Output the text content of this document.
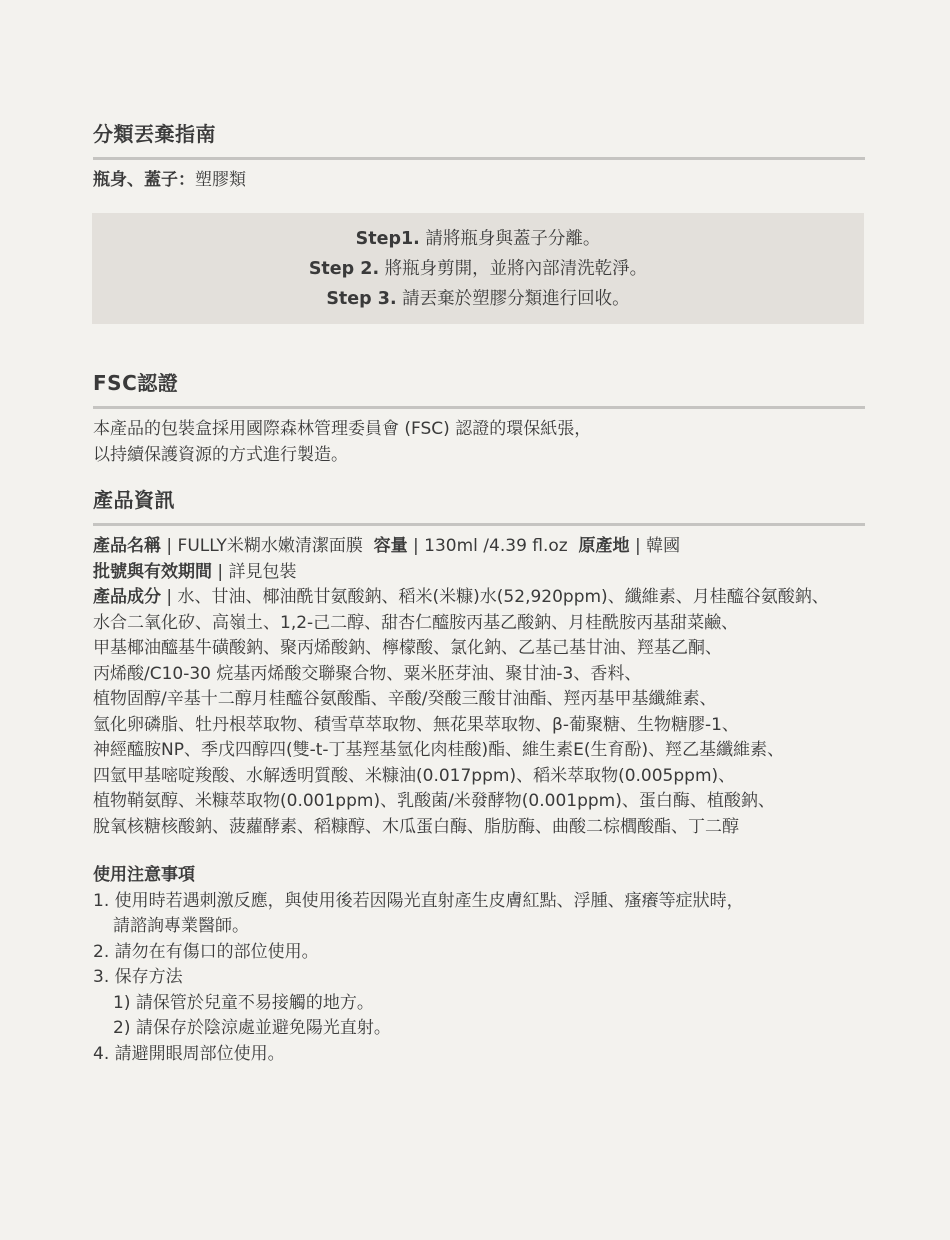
分類丟棄指南
瓶身、蓋子：塑膠類
Step1. 請將瓶身與蓋子分離。
Step 2. 將瓶身剪開，並將內部清洗乾淨。
Step 3. 請丟棄於塑膠分類進行回收。
FSC認證
本產品的包裝盒採用國際森林管理委員會 (FSC) 認證的環保紙張，
以持續保護資源的方式進行製造。
產品資訊
產品名稱 | FULLY米糊水嫩清潔面膜 容量 | 130ml /4.39 fl.oz 原產地 | 韓國
批號與有效期間 | 詳見包裝
產品成分 | 水、甘油、椰油酰甘氨酸鈉、稻米(米糠)水(52,920ppm)、纖維素、月桂醯谷氨酸鈉、
水合二氧化矽、高嶺土、1,2-己二醇、甜杏仁醯胺丙基乙酸鈉、月桂酰胺丙基甜菜鹼、
甲基椰油醯基牛磺酸鈉、聚丙烯酸鈉、檸檬酸、氯化鈉、乙基己基甘油、羥基乙酮、
丙烯酸/C10-30 烷基丙烯酸交聯聚合物、粟米胚芽油、聚甘油-3、香料、
植物固醇/辛基十二醇月桂醯谷氨酸酯、辛酸/癸酸三酸甘油酯、羥丙基甲基纖維素、
氫化卵磷脂、牡丹根萃取物、積雪草萃取物、無花果萃取物、β-葡聚糖、生物糖膠-1、
神經醯胺NP、季戊四醇四(雙-t-丁基羥基氫化肉桂酸)酯、維生素E(生育酚)、羥乙基纖維素、
四氫甲基嘧啶羧酸、水解透明質酸、米糠油(0.017ppm)、稻米萃取物(0.005ppm)、
植物鞘氨醇、米糠萃取物(0.001ppm)、乳酸菌/米發酵物(0.001ppm)、蛋白酶、植酸鈉、
脫氧核糖核酸鈉、菠蘿酵素、稻糠醇、木瓜蛋白酶、脂肪酶、曲酸二棕櫚酸酯、丁二醇
使用注意事項
1. 使用時若遇刺激反應，與使用後若因陽光直射產生皮膚紅點、浮腫、瘙癢等症狀時，
請諮詢專業醫師。
2. 請勿在有傷口的部位使用。
3. 保存方法
1) 請保管於兒童不易接觸的地方。
2) 請保存於陰涼處並避免陽光直射。
4. 請避開眼周部位使用。
